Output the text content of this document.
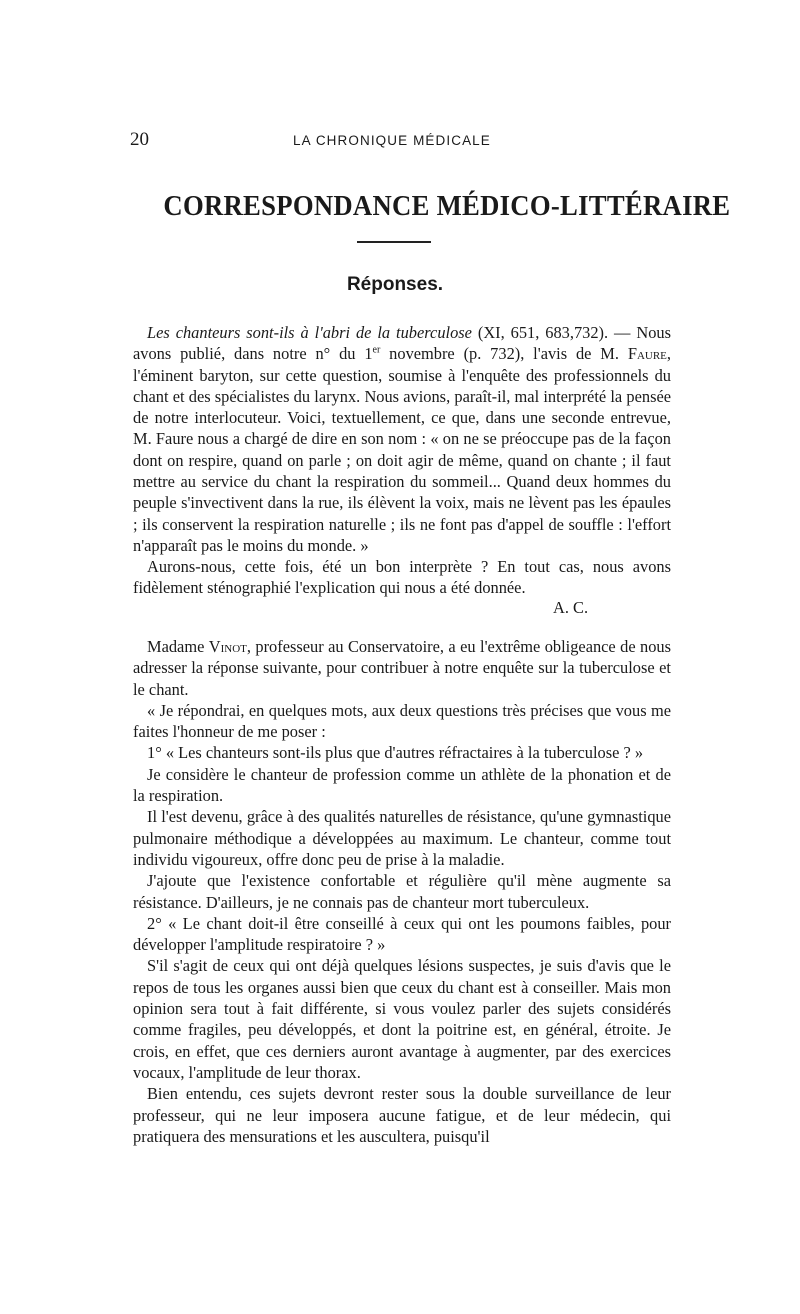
20	LA CHRONIQUE MÉDICALE
CORRESPONDANCE MÉDICO-LITTÉRAIRE
Réponses.

Les chanteurs sont-ils à l'abri de la tuberculose (XI, 651, 683,732). — Nous avons publié, dans notre n° du 1er novembre (p. 732), l'avis de M. Faure, l'éminent baryton, sur cette question, soumise à l'enquête des professionnels du chant et des spécialistes du larynx. Nous avions, paraît-il, mal interprété la pensée de notre interlocuteur. Voici, textuellement, ce que, dans une seconde entrevue, M. Faure nous a chargé de dire en son nom : « on ne se préoccupe pas de la façon dont on respire, quand on parle ; on doit agir de même, quand on chante ; il faut mettre au service du chant la respiration du sommeil... Quand deux hommes du peuple s'invectivent dans la rue, ils élèvent la voix, mais ne lèvent pas les épaules ; ils conservent la respiration naturelle ; ils ne font pas d'appel de souffle : l'effort n'apparaît pas le moins du monde. »

Aurons-nous, cette fois, été un bon interprète ? En tout cas, nous avons fidèlement sténographié l'explication qui nous a été donnée.

A. C.

Madame Vinot, professeur au Conservatoire, a eu l'extrême obligeance de nous adresser la réponse suivante, pour contribuer à notre enquête sur la tuberculose et le chant.

« Je répondrai, en quelques mots, aux deux questions très précises que vous me faites l'honneur de me poser :

1° « Les chanteurs sont-ils plus que d'autres réfractaires à la tuberculose ? »

Je considère le chanteur de profession comme un athlète de la phonation et de la respiration.

Il l'est devenu, grâce à des qualités naturelles de résistance, qu'une gymnastique pulmonaire méthodique a développées au maximum. Le chanteur, comme tout individu vigoureux, offre donc peu de prise à la maladie.

J'ajoute que l'existence confortable et régulière qu'il mène augmente sa résistance. D'ailleurs, je ne connais pas de chanteur mort tuberculeux.

2° « Le chant doit-il être conseillé à ceux qui ont les poumons faibles, pour développer l'amplitude respiratoire ? »

S'il s'agit de ceux qui ont déjà quelques lésions suspectes, je suis d'avis que le repos de tous les organes aussi bien que ceux du chant est à conseiller. Mais mon opinion sera tout à fait différente, si vous voulez parler des sujets considérés comme fragiles, peu développés, et dont la poitrine est, en général, étroite. Je crois, en effet, que ces derniers auront avantage à augmenter, par des exercices vocaux, l'amplitude de leur thorax.

Bien entendu, ces sujets devront rester sous la double surveillance de leur professeur, qui ne leur imposera aucune fatigue, et de leur médecin, qui pratiquera des mensurations et les auscultera, puisqu'il
